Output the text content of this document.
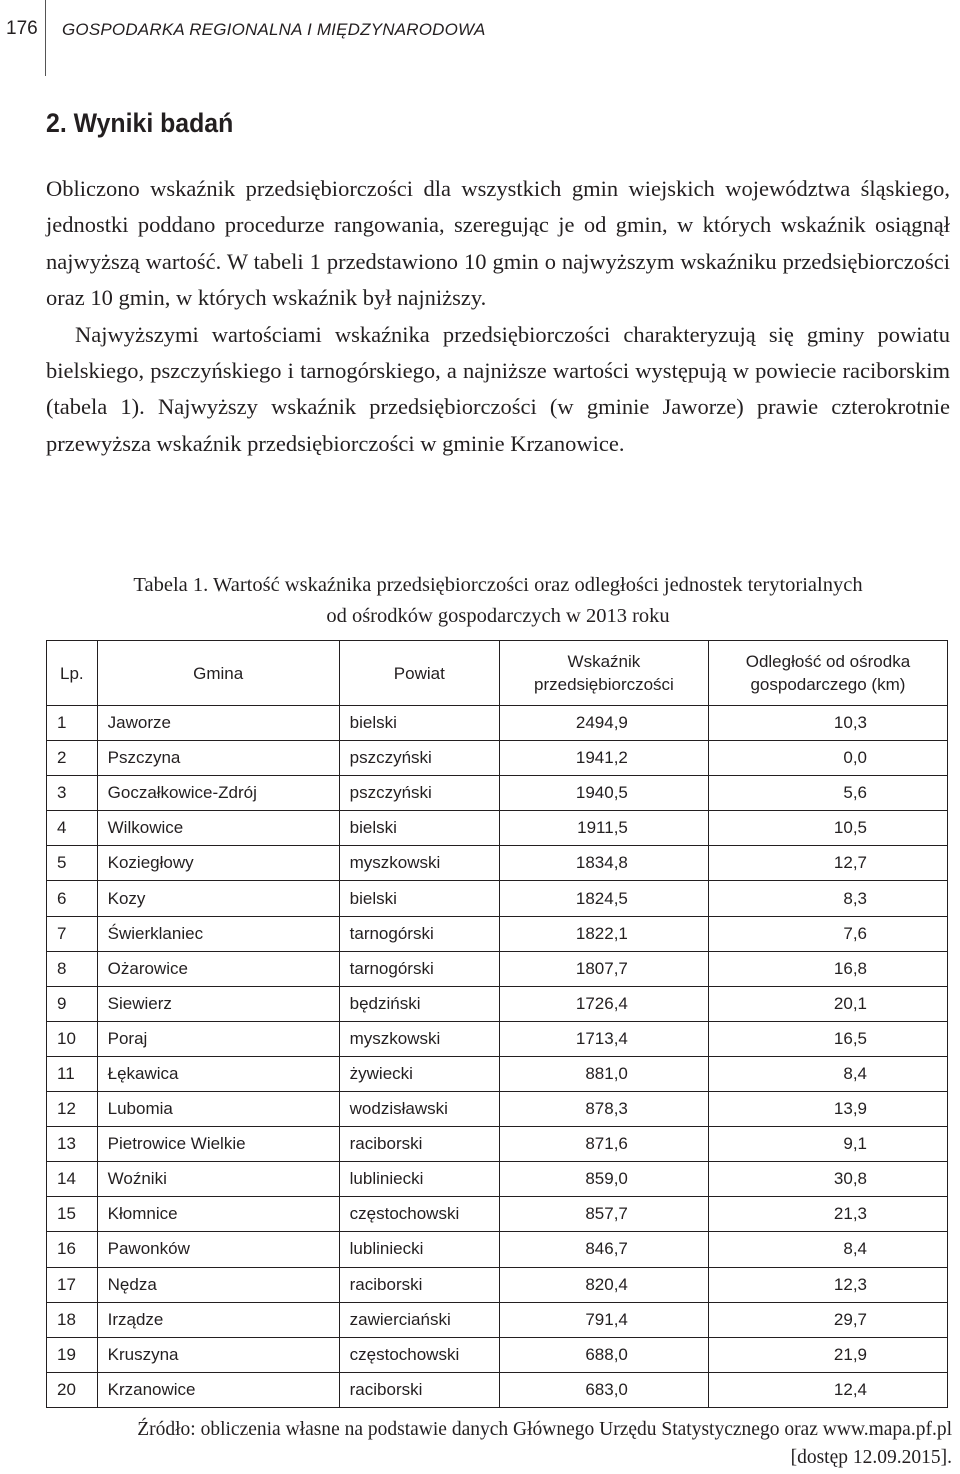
176 GOSPODARKA REGIONALNA I MIĘDZYNARODOWA
2. Wyniki badań

Obliczono wskaźnik przedsiębiorczości dla wszystkich gmin wiejskich województwa śląskiego, jednostki poddano procedurze rangowania, szeregując je od gmin, w których wskaźnik osiągnął najwyższą wartość. W tabeli 1 przedstawiono 10 gmin o najwyższym wskaźniku przedsiębiorczości oraz 10 gmin, w których wskaźnik był najniższy.

Najwyższymi wartościami wskaźnika przedsiębiorczości charakteryzują się gminy powiatu bielskiego, pszczyńskiego i tarnogórskiego, a najniższe wartości występują w powiecie raciborskim (tabela 1). Najwyższy wskaźnik przedsiębiorczości (w gminie Jaworze) prawie czterokrotnie przewyższa wskaźnik przedsiębiorczości w gminie Krzanowice.

Tabela 1. Wartość wskaźnika przedsiębiorczości oraz odległości jednostek terytorialnych
od ośrodków gospodarczych w 2013 roku
Lp.	Gmina	Powiat	Wskaźnik przedsiębiorczości	Odległość od ośrodka gospodarczego (km)
1	Jaworze	bielski	2494,9	10,3
2	Pszczyna	pszczyński	1941,2	0,0
3	Goczałkowice-Zdrój	pszczyński	1940,5	5,6
4	Wilkowice	bielski	1911,5	10,5
5	Koziegłowy	myszkowski	1834,8	12,7
6	Kozy	bielski	1824,5	8,3
7	Świerklaniec	tarnogórski	1822,1	7,6
8	Ożarowice	tarnogórski	1807,7	16,8
9	Siewierz	będziński	1726,4	20,1
10	Poraj	myszkowski	1713,4	16,5
11	Łękawica	żywiecki	881,0	8,4
12	Lubomia	wodzisławski	878,3	13,9
13	Pietrowice Wielkie	raciborski	871,6	9,1
14	Woźniki	lubliniecki	859,0	30,8
15	Kłomnice	częstochowski	857,7	21,3
16	Pawonków	lubliniecki	846,7	8,4
17	Nędza	raciborski	820,4	12,3
18	Irządze	zawierciański	791,4	29,7
19	Kruszyna	częstochowski	688,0	21,9
20	Krzanowice	raciborski	683,0	12,4
Źródło: obliczenia własne na podstawie danych Głównego Urzędu Statystycznego oraz www.mapa.pf.pl
[dostęp 12.09.2015].
